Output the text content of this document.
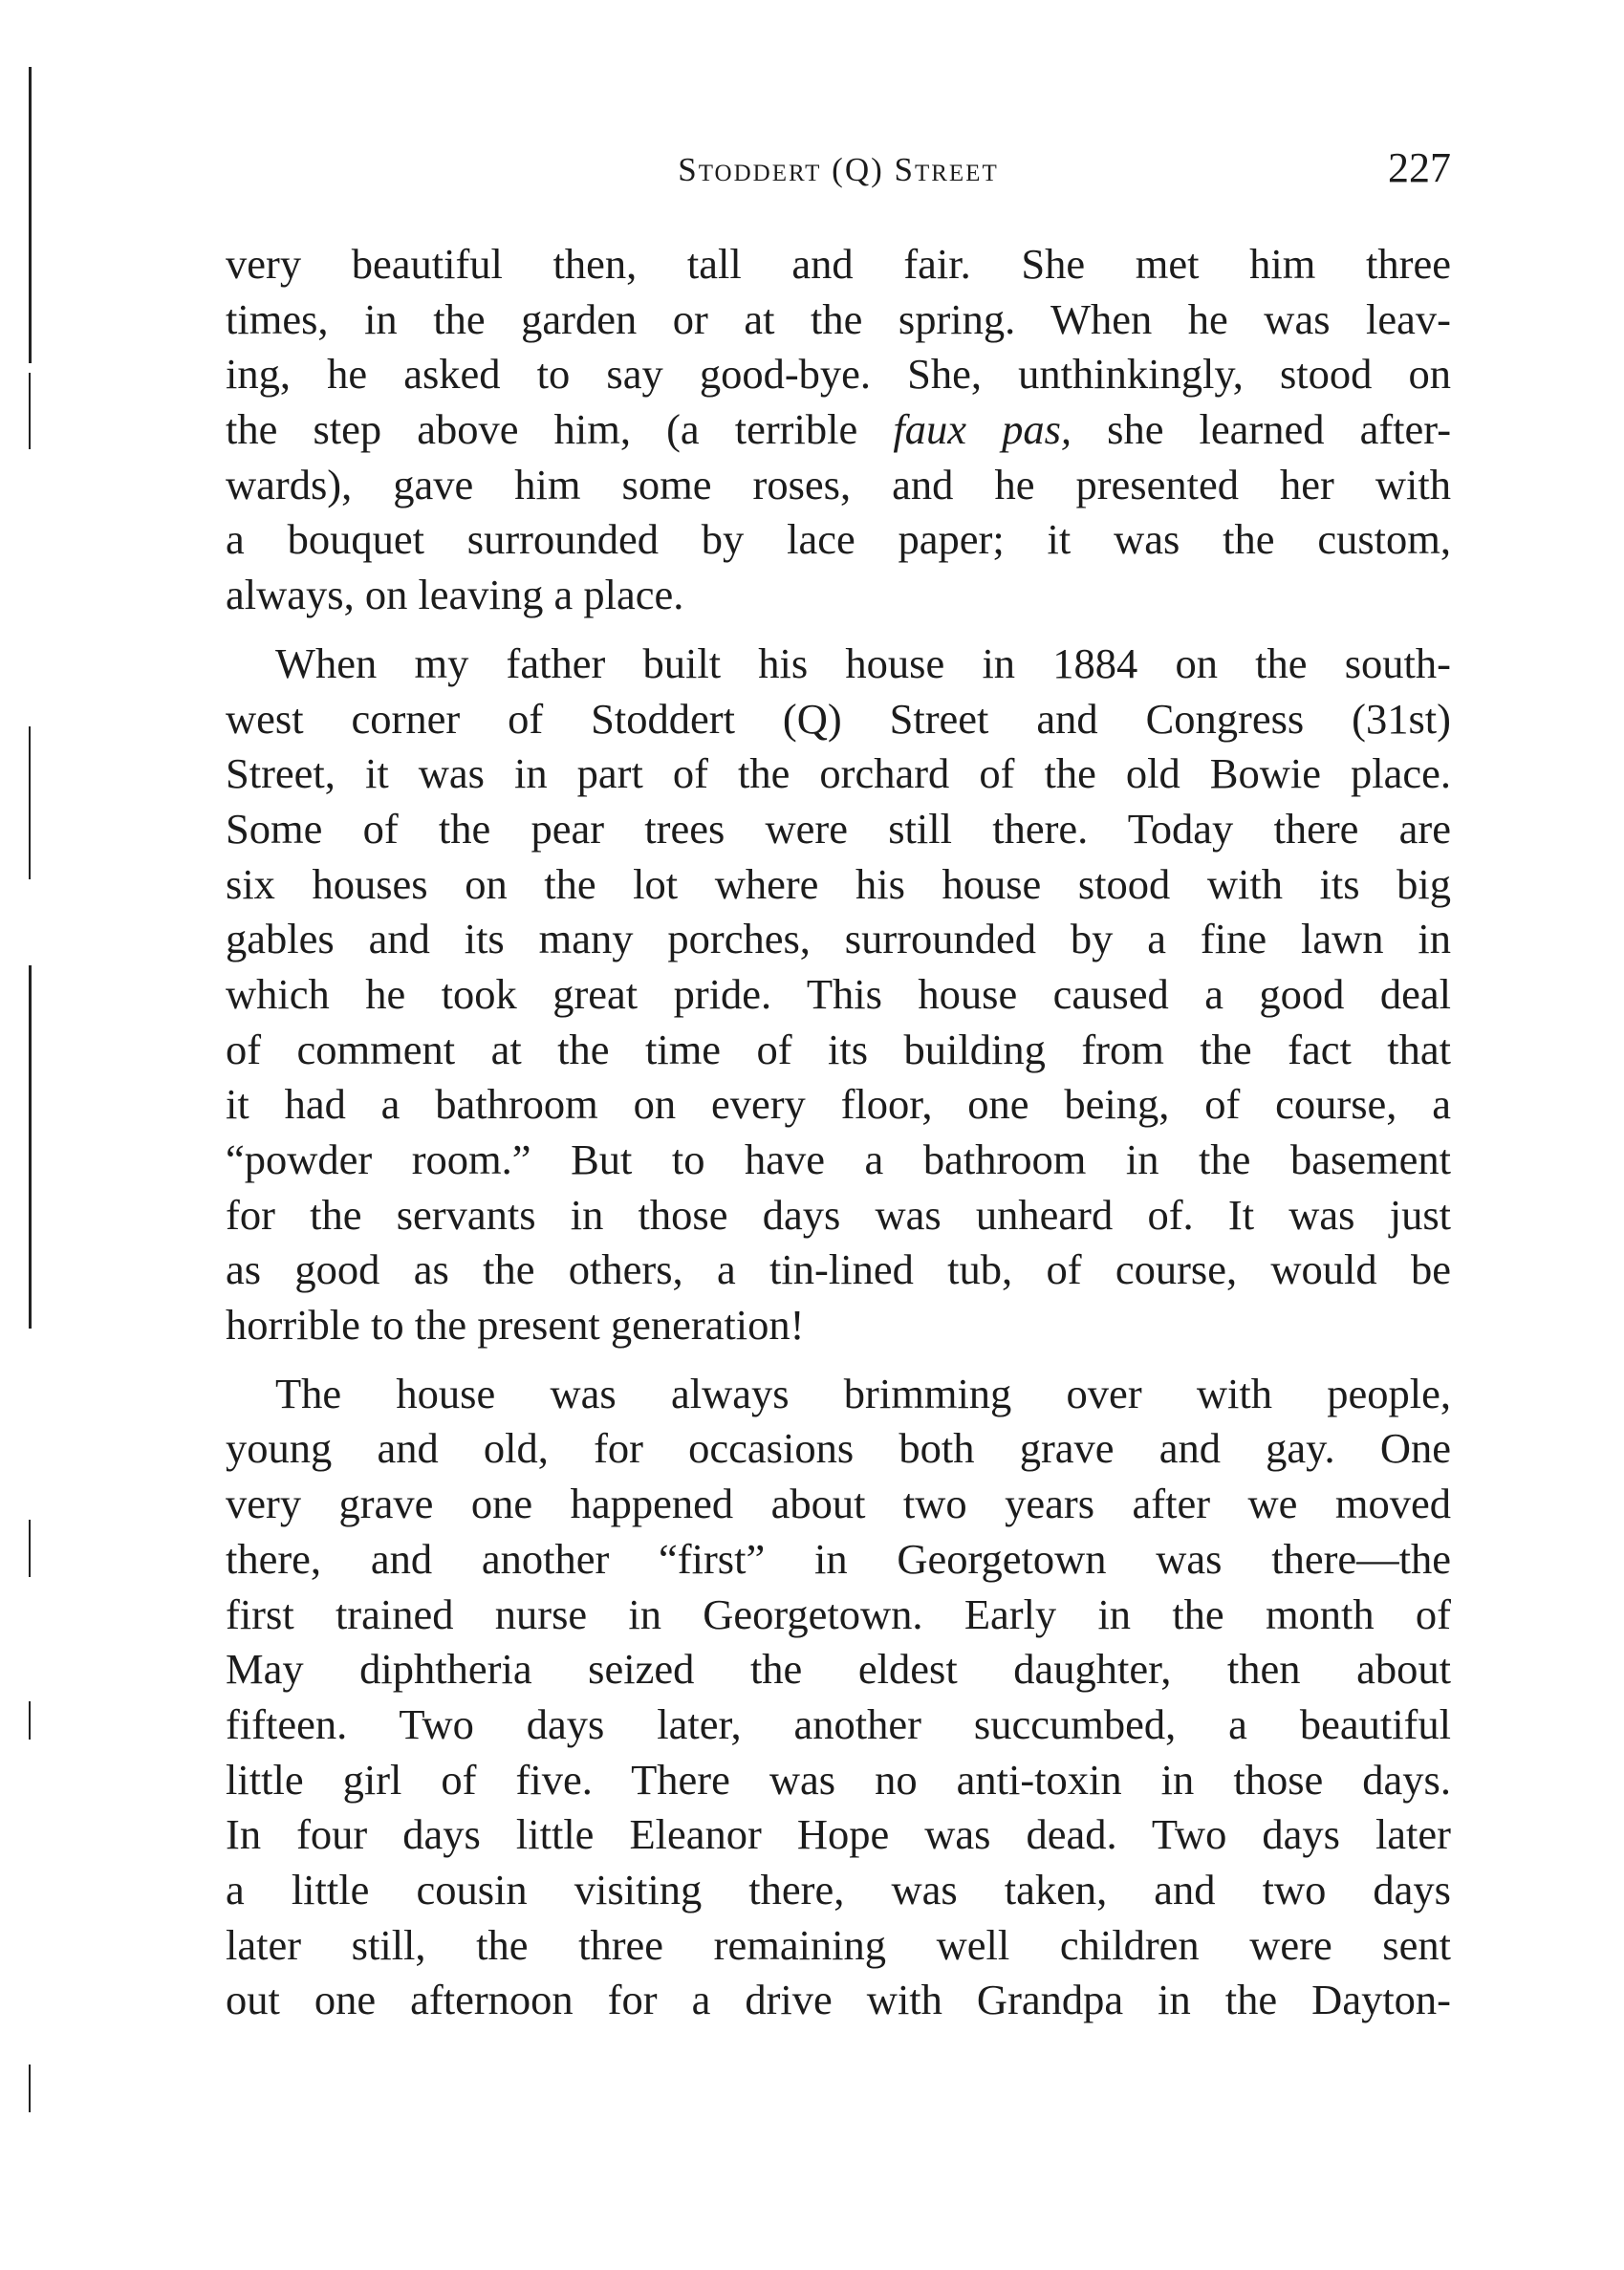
Stoddert (Q) Street	227

very beautiful then, tall and fair. She met him three
times, in the garden or at the spring. When he was leav-
ing, he asked to say good-bye. She, unthinkingly, stood on
the step above him, (a terrible faux pas, she learned after-
wards), gave him some roses, and he presented her with
a bouquet surrounded by lace paper; it was the custom,
always, on leaving a place.

When my father built his house in 1884 on the south-
west corner of Stoddert (Q) Street and Congress (31st)
Street, it was in part of the orchard of the old Bowie place.
Some of the pear trees were still there. Today there are
six houses on the lot where his house stood with its big
gables and its many porches, surrounded by a fine lawn in
which he took great pride. This house caused a good deal
of comment at the time of its building from the fact that
it had a bathroom on every floor, one being, of course, a
“powder room.” But to have a bathroom in the basement
for the servants in those days was unheard of. It was just
as good as the others, a tin-lined tub, of course, would be
horrible to the present generation!

The house was always brimming over with people,
young and old, for occasions both grave and gay. One
very grave one happened about two years after we moved
there, and another “first” in Georgetown was there—the
first trained nurse in Georgetown. Early in the month of
May diphtheria seized the eldest daughter, then about
fifteen. Two days later, another succumbed, a beautiful
little girl of five. There was no anti-toxin in those days.
In four days little Eleanor Hope was dead. Two days later
a little cousin visiting there, was taken, and two days
later still, the three remaining well children were sent
out one afternoon for a drive with Grandpa in the Dayton-
